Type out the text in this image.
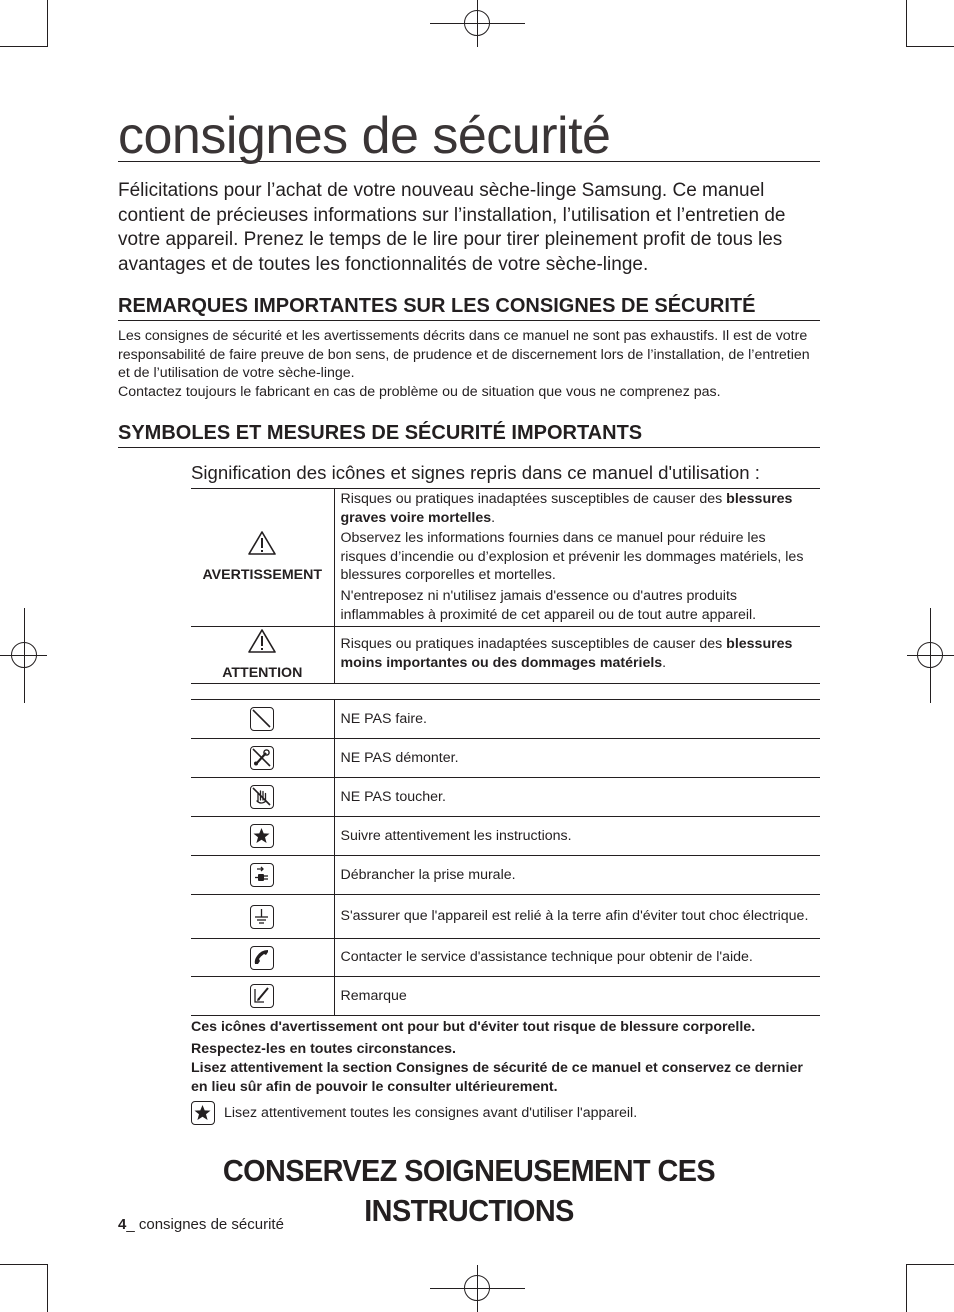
consignes de sécurité

Félicitations pour l’achat de votre nouveau sèche-linge Samsung. Ce manuel contient de précieuses informations sur l’installation, l’utilisation et l’entretien de votre appareil. Prenez le temps de le lire pour tirer pleinement profit de tous les avantages et de toutes les fonctionnalités de votre sèche-linge.

REMARQUES IMPORTANTES SUR LES CONSIGNES DE SÉCURITÉ

Les consignes de sécurité et les avertissements décrits dans ce manuel ne sont pas exhaustifs. Il est de votre responsabilité de faire preuve de bon sens, de prudence et de discernement lors de l’installation, de l’entretien et de l’utilisation de votre sèche-linge.

Contactez toujours le fabricant en cas de problème ou de situation que vous ne comprenez pas.

SYMBOLES ET MESURES DE SÉCURITÉ IMPORTANTS

Signification des icônes et signes repris dans ce manuel d'utilisation :

AVERTISSEMENT	Risques ou pratiques inadaptées susceptibles de causer des blessures graves voire mortelles.
Observez les informations fournies dans ce manuel pour réduire les risques d’incendie ou d’explosion et prévenir les dommages matériels, les blessures corporelles et mortelles.
N'entreposez ni n'utilisez jamais d'essence ou d'autres produits inflammables à proximité de cet appareil ou de tout autre appareil.

ATTENTION	Risques ou pratiques inadaptées susceptibles de causer des blessures moins importantes ou des dommages matériels.
	NE PAS faire.

	NE PAS démonter.

	NE PAS toucher.

	Suivre attentivement les instructions.

	Débrancher la prise murale.

	S'assurer que l'appareil est relié à la terre afin d'éviter tout choc électrique.

	Contacter le service d'assistance technique pour obtenir de l'aide.

	Remarque

Ces icônes d'avertissement ont pour but d'éviter tout risque de blessure corporelle.

Respectez-les en toutes circonstances.

Lisez attentivement la section Consignes de sécurité de ce manuel et conservez ce dernier en lieu sûr afin de pouvoir le consulter ultérieurement.

Lisez attentivement toutes les consignes avant d'utiliser l'appareil.
CONSERVEZ SOIGNEUSEMENT CES INSTRUCTIONS
4_ consignes de sécurité
